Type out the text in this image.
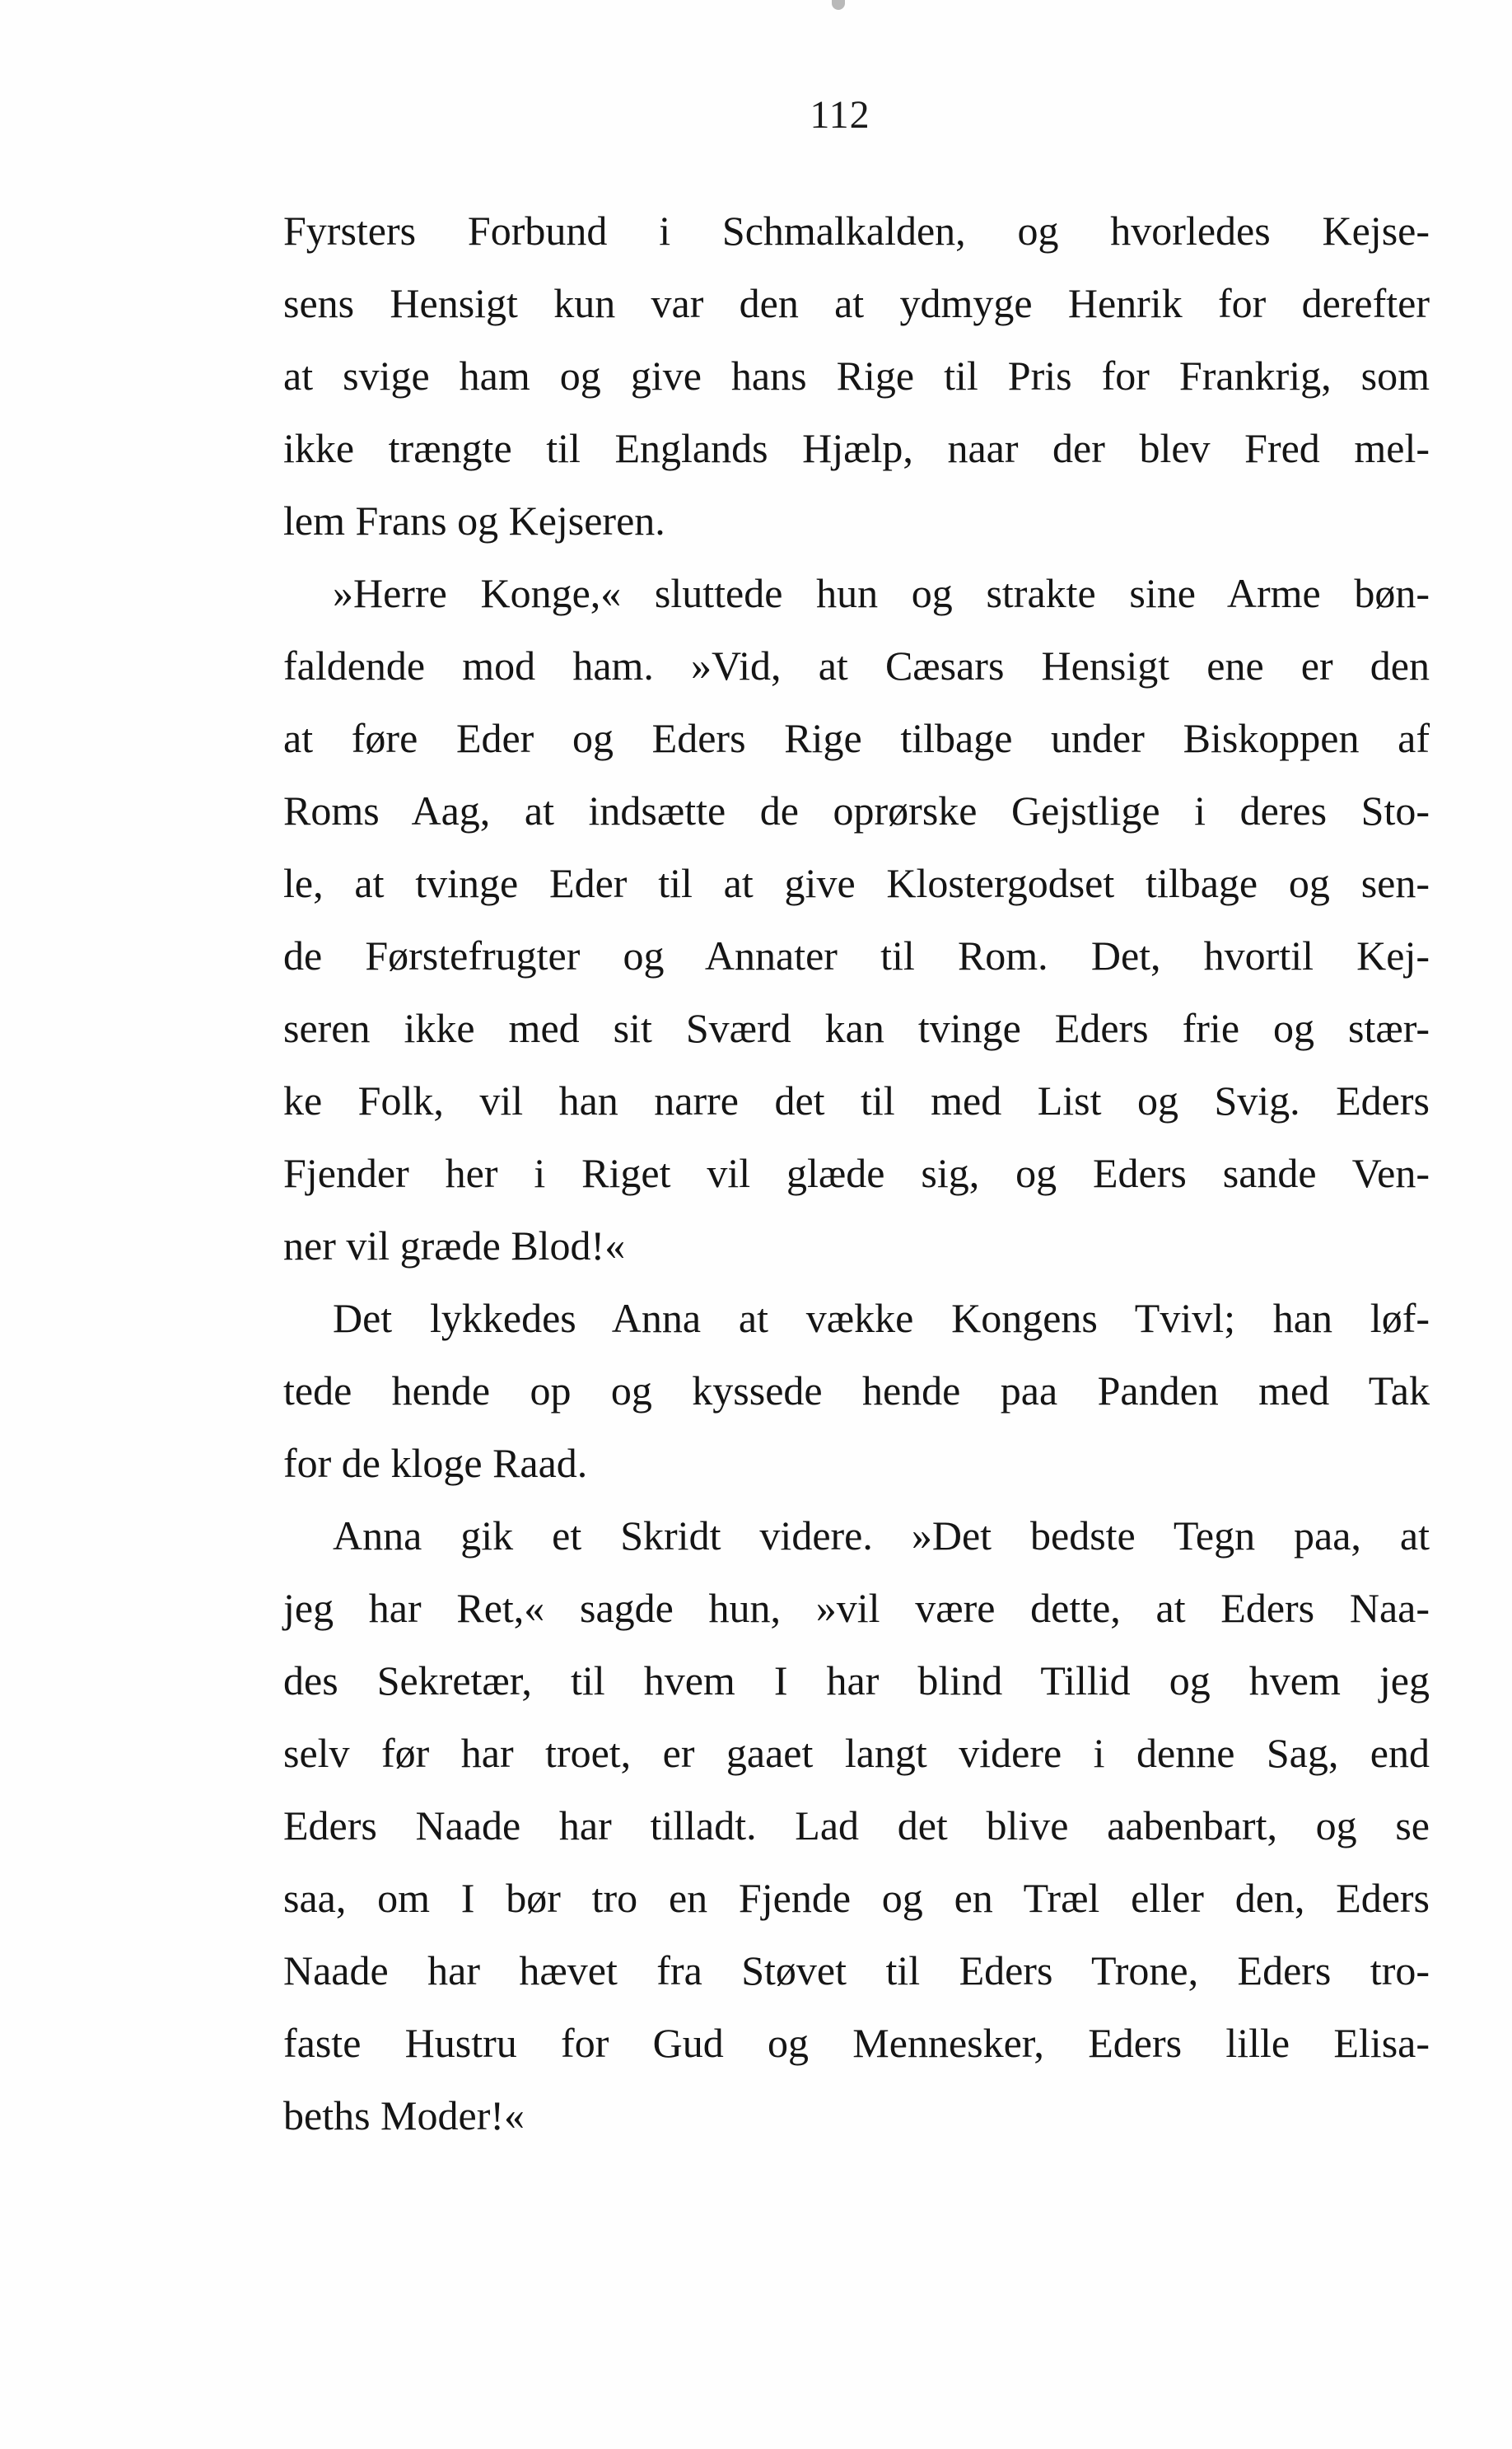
112
Fyrsters Forbund i Schmalkalden, og hvorledes Kejse-
sens Hensigt kun var den at ydmyge Henrik for derefter
at svige ham og give hans Rige til Pris for Frankrig, som
ikke trængte til Englands Hjælp, naar der blev Fred mel-
lem Frans og Kejseren.
»Herre Konge,« sluttede hun og strakte sine Arme bøn-
faldende mod ham. »Vid, at Cæsars Hensigt ene er den
at føre Eder og Eders Rige tilbage under Biskoppen af
Roms Aag, at indsætte de oprørske Gejstlige i deres Sto-
le, at tvinge Eder til at give Klostergodset tilbage og sen-
de Førstefrugter og Annater til Rom. Det, hvortil Kej-
seren ikke med sit Sværd kan tvinge Eders frie og stær-
ke Folk, vil han narre det til med List og Svig. Eders
Fjender her i Riget vil glæde sig, og Eders sande Ven-
ner vil græde Blod!«
Det lykkedes Anna at vække Kongens Tvivl; han løf-
tede hende op og kyssede hende paa Panden med Tak
for de kloge Raad.
Anna gik et Skridt videre. »Det bedste Tegn paa, at
jeg har Ret,« sagde hun, »vil være dette, at Eders Naa-
des Sekretær, til hvem I har blind Tillid og hvem jeg
selv før har troet, er gaaet langt videre i denne Sag, end
Eders Naade har tilladt. Lad det blive aabenbart, og se
saa, om I bør tro en Fjende og en Træl eller den, Eders
Naade har hævet fra Støvet til Eders Trone, Eders tro-
faste Hustru for Gud og Mennesker, Eders lille Elisa-
beths Moder!«
